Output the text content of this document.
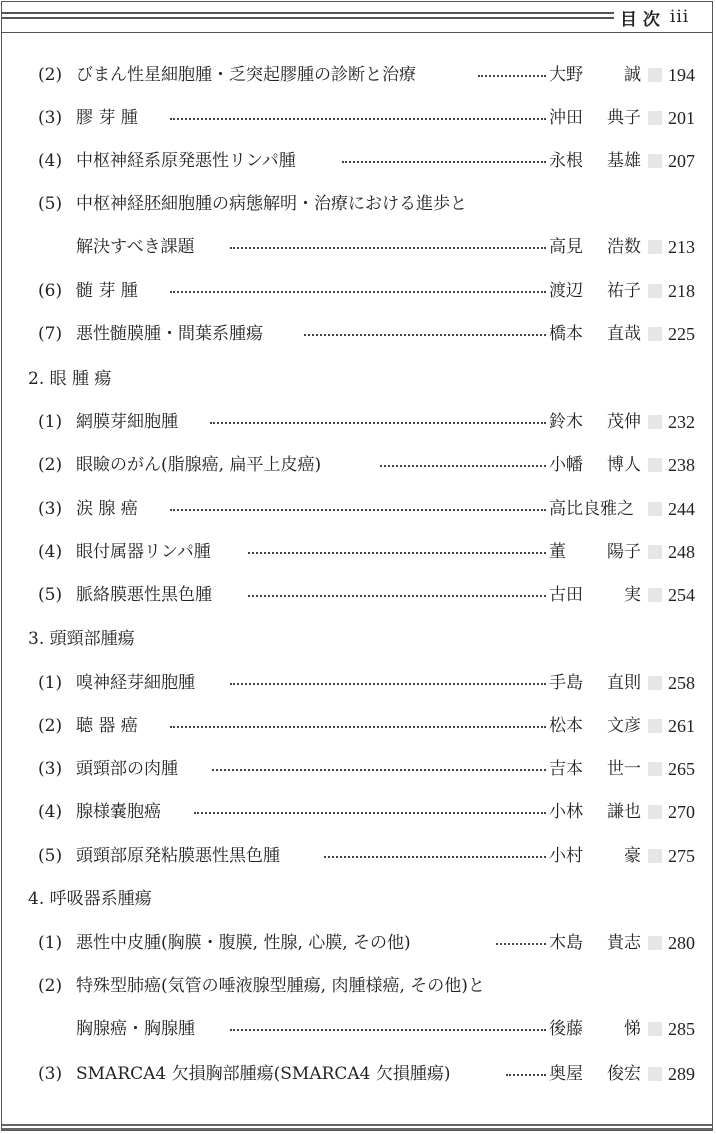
目 次 iii
(2) びまん性星細胞腫・乏突起膠腫の診断と治療	大野 誠 194
(3) 膠 芽 腫	沖田 典子 201
(4) 中枢神経系原発悪性リンパ腫	永根 基雄 207
(5) 中枢神経胚細胞腫の病態解明・治療における進歩と
解決すべき課題	高見 浩数 213
(6) 髄 芽 腫	渡辺 祐子 218
(7) 悪性髄膜腫・間葉系腫瘍	橋本 直哉 225
2. 眼 腫 瘍
(1) 網膜芽細胞腫	鈴木 茂伸 232
(2) 眼瞼のがん(脂腺癌, 扁平上皮癌)	小幡 博人 238
(3) 涙 腺 癌	高比良雅之 244
(4) 眼付属器リンパ腫	董 陽子 248
(5) 脈絡膜悪性黒色腫	古田 実 254
3. 頭頸部腫瘍
(1) 嗅神経芽細胞腫	手島 直則 258
(2) 聴 器 癌	松本 文彦 261
(3) 頭頸部の肉腫	吉本 世一 265
(4) 腺様嚢胞癌	小林 謙也 270
(5) 頭頸部原発粘膜悪性黒色腫	小村 豪 275
4. 呼吸器系腫瘍
(1) 悪性中皮腫(胸膜・腹膜, 性腺, 心膜, その他)	木島 貴志 280
(2) 特殊型肺癌(気管の唾液腺型腫瘍, 肉腫様癌, その他)と
胸腺癌・胸腺腫	後藤 悌 285
(3) SMARCA4 欠損胸部腫瘍(SMARCA4 欠損腫瘍)	奥屋 俊宏 289
